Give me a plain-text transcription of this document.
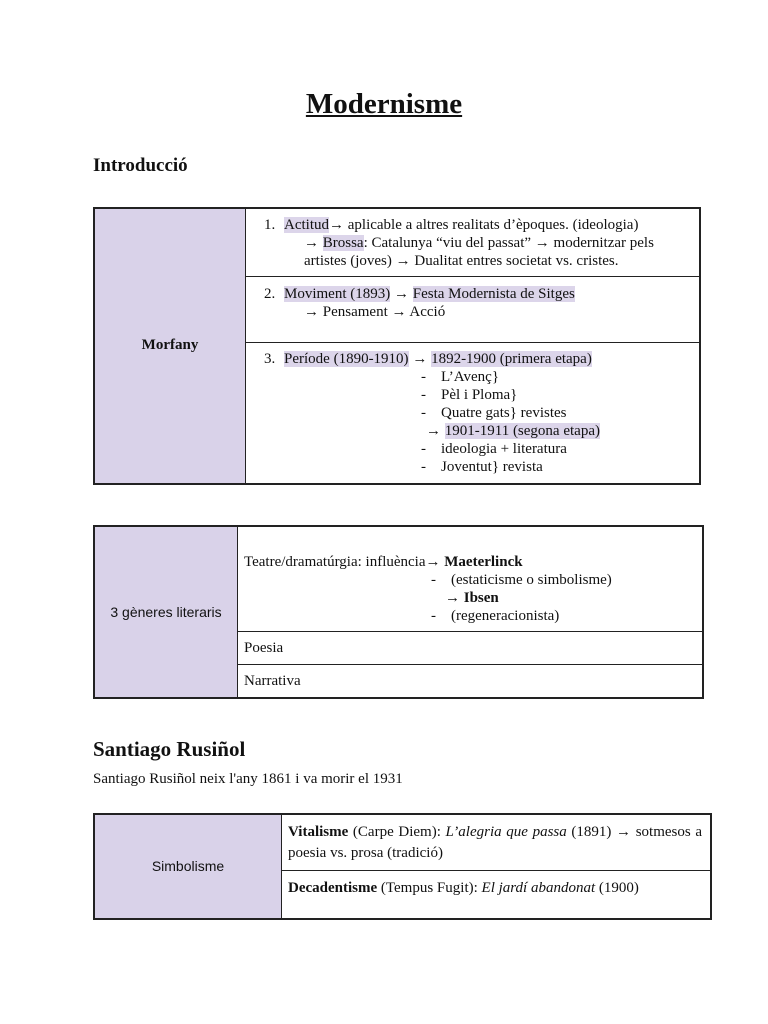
Modernisme
Introducció
Morfany	
1. Actitud→ aplicable a altres realitats d’èpoques. (ideologia)
→ Brossa: Catalunya “viu del passat” → modernitzar pels
artistes (joves) → Dualitat entres societat vs. cristes.

2. Moviment (1893) → Festa Modernista de Sitges
→ Pensament → Acció

3. Període (1890-1910) → 1892-1900 (primera etapa)
- L’Avenç}
- Pèl i Ploma}
- Quatre gats} revistes
→ 1901-1911 (segona etapa)
- ideologia + literatura
- Joventut} revista
3 gèneres literaris	
Teatre/dramatúrgia: influència→ Maeterlinck
- (estaticisme o simbolisme)
→ Ibsen
- (regeneracionista)

Poesia

Narrativa
Santiago Rusiñol
Santiago Rusiñol neix l'any 1861 i va morir el 1931
Simbolisme	
Vitalisme (Carpe Diem): L’alegria que passa (1891) → sotmesos a poesia vs. prosa (tradició)

Decadentisme (Tempus Fugit): El jardí abandonat (1900)
